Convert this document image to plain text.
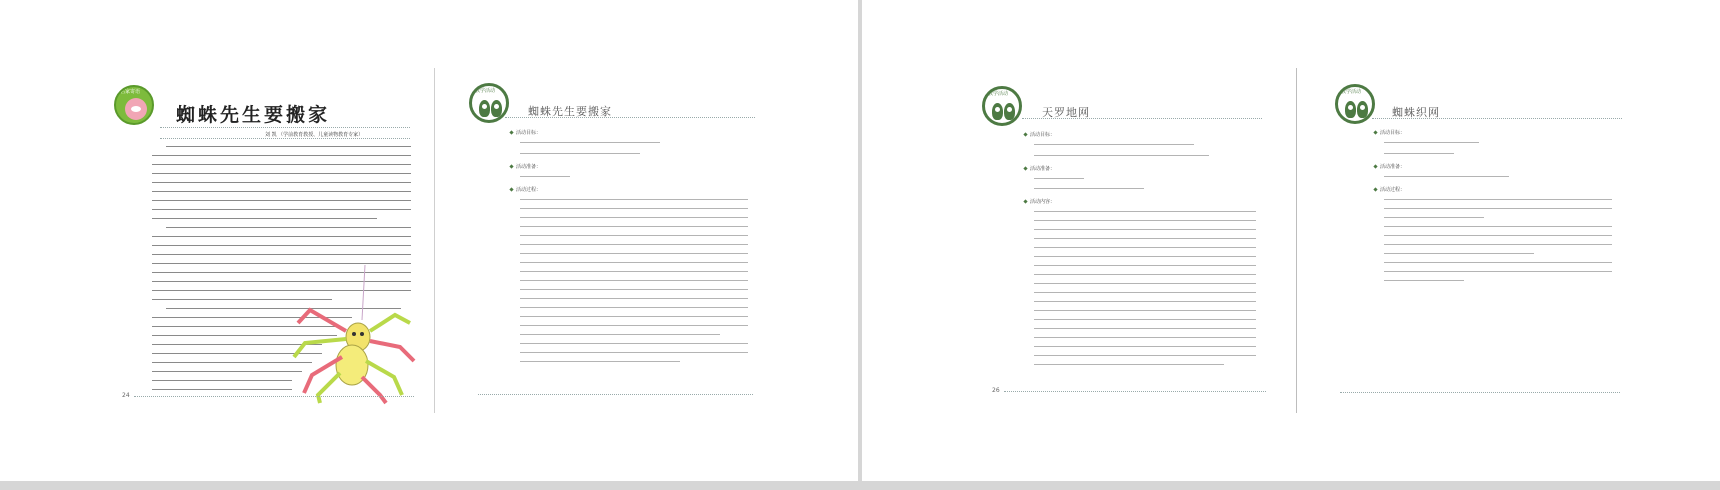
名家寄语
蜘蛛先生要搬家
刘 凯 （学前教育教授、儿童读物教育专家）
24
教学活动
蜘蛛先生要搬家
活动目标：
活动准备：
活动过程：
教学活动
天罗地网
活动目标：
活动准备：
活动内容：
26
教学活动
蜘蛛织网
活动目标：
活动准备：
活动过程：
